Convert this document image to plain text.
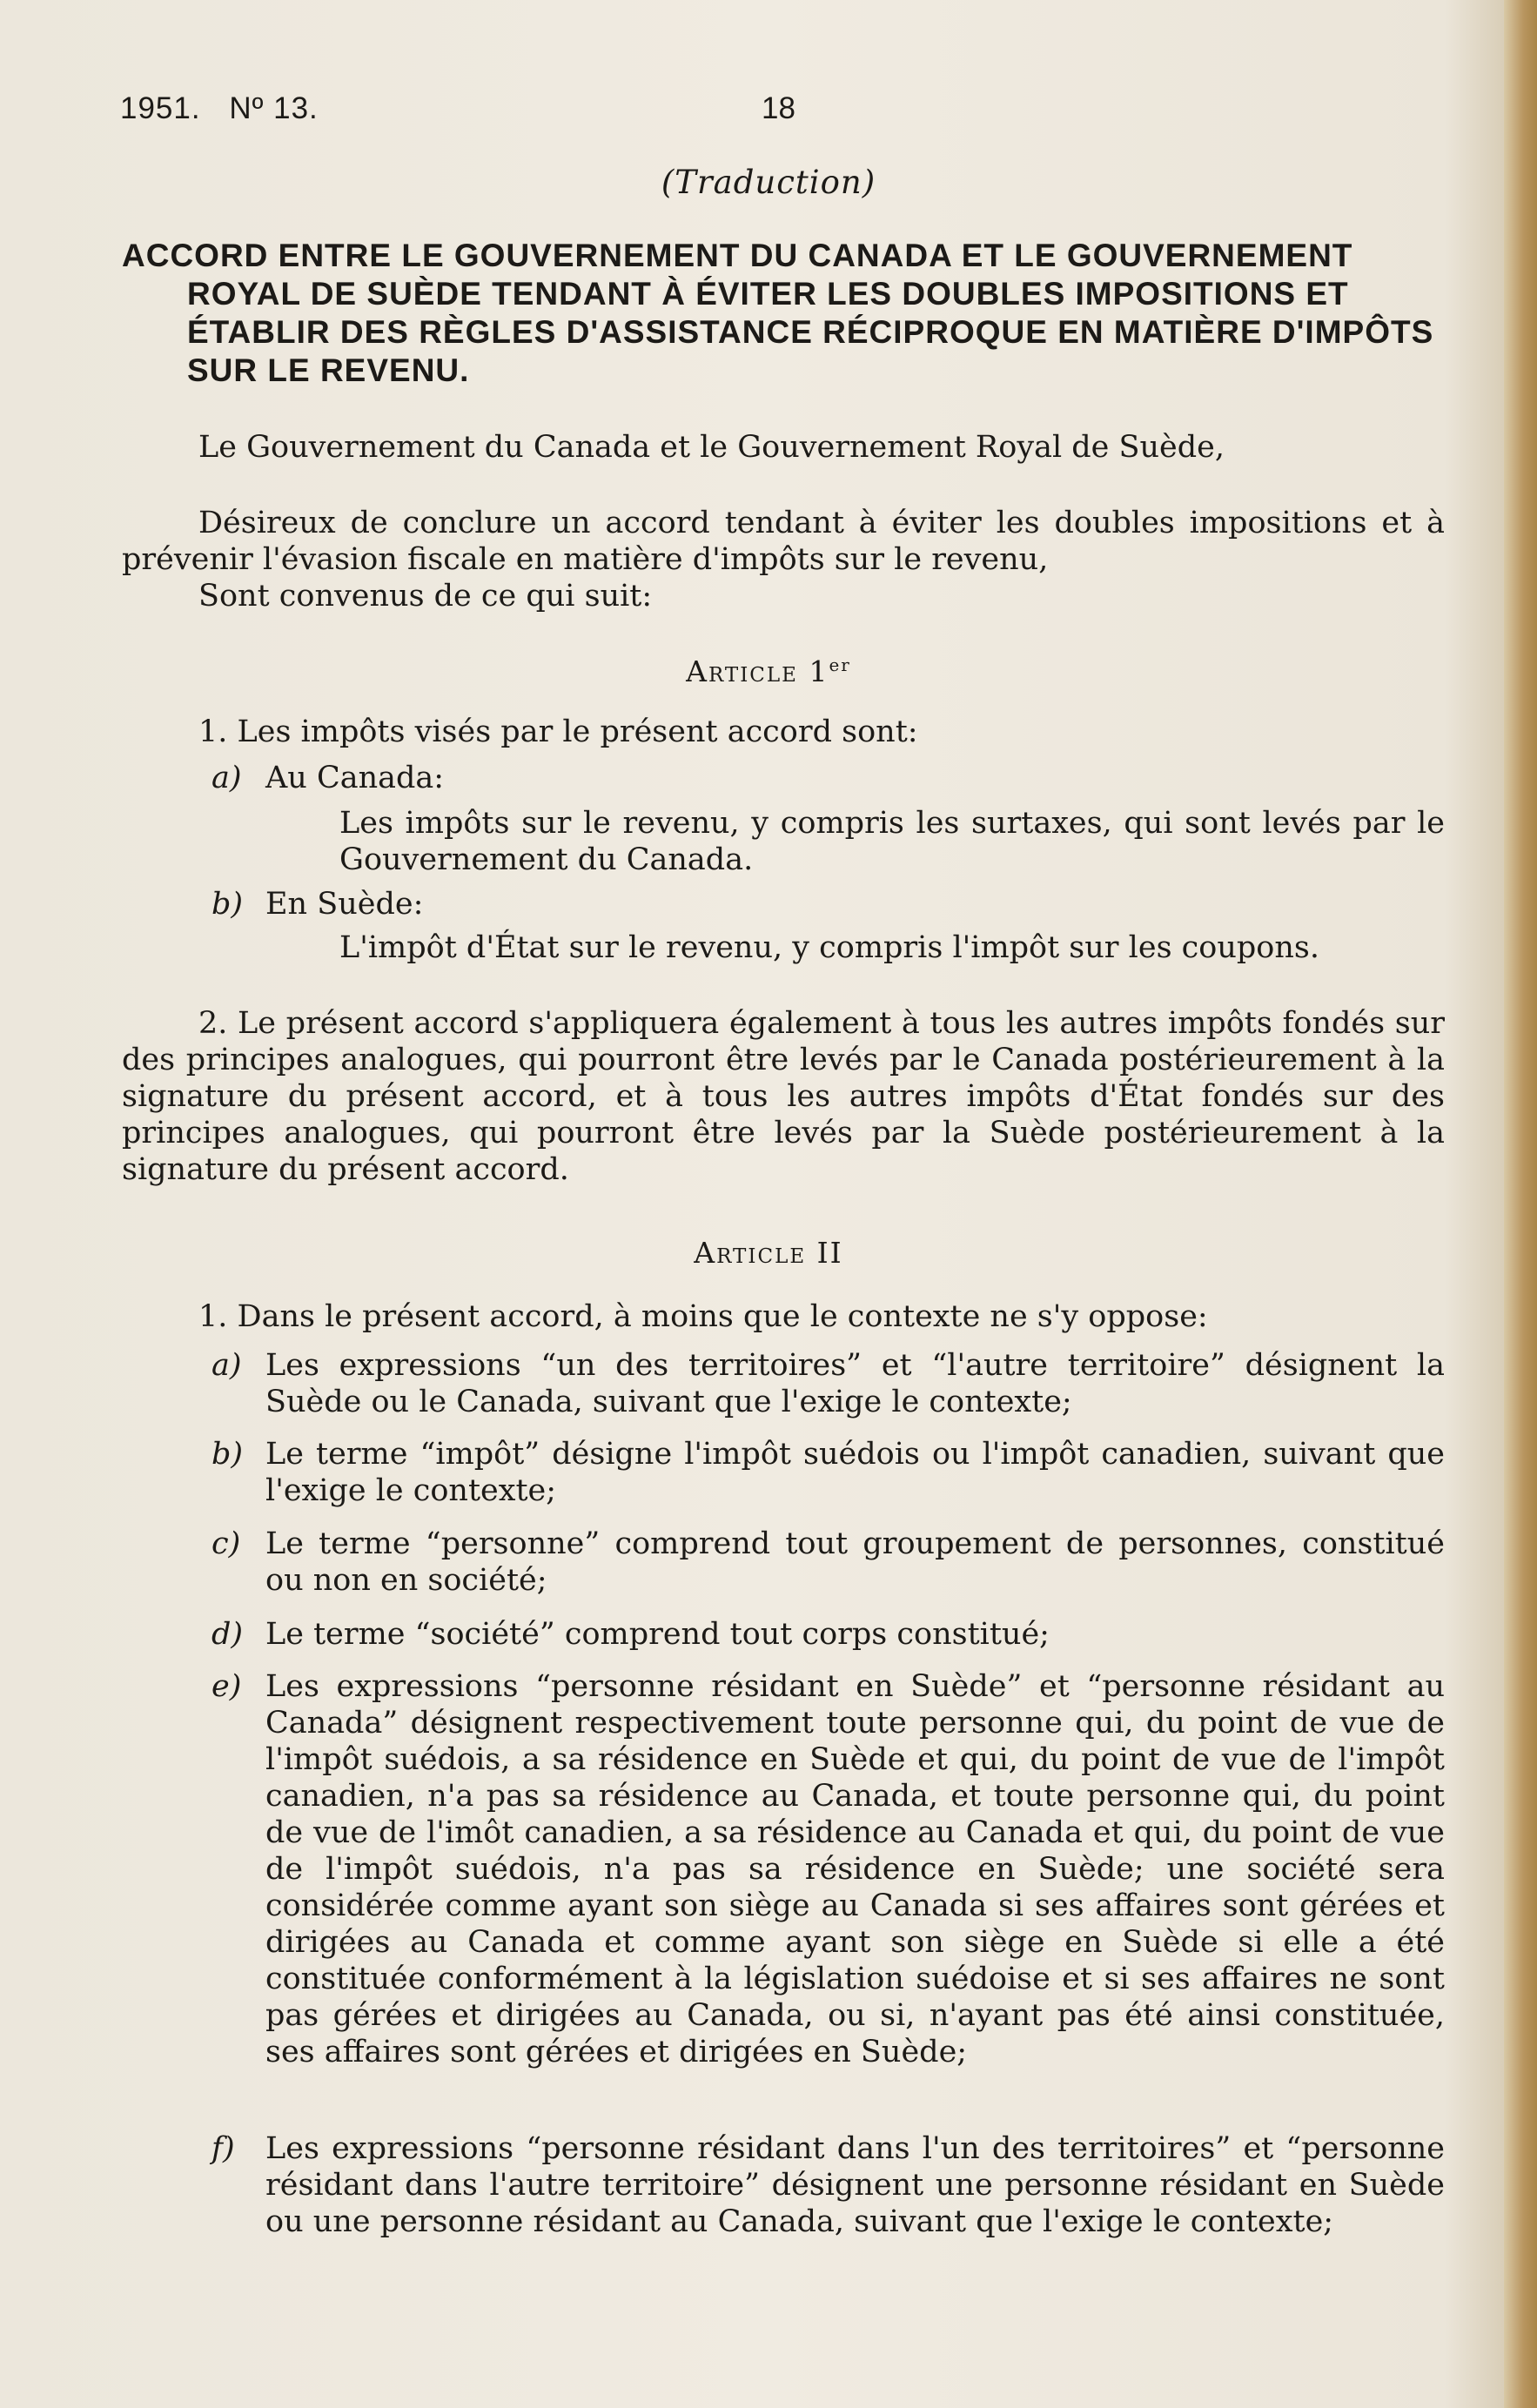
1951. Nº 13.	18
(Traduction)
ACCORD ENTRE LE GOUVERNEMENT DU CANADA ET LE GOUVERNEMENT
ROYAL DE SUÈDE TENDANT À ÉVITER LES DOUBLES IMPOSITIONS ET
ÉTABLIR DES RÈGLES D'ASSISTANCE RÉCIPROQUE EN MATIÈRE D'IMPÔTS
SUR LE REVENU.
Le Gouvernement du Canada et le Gouvernement Royal de Suède,
Désireux de conclure un accord tendant à éviter les doubles impositions et à prévenir l'évasion fiscale en matière d'impôts sur le revenu,
Sont convenus de ce qui suit:
Article 1er
1. Les impôts visés par le présent accord sont:
a) Au Canada:
Les impôts sur le revenu, y compris les surtaxes, qui sont levés par le Gouvernement du Canada.
b) En Suède:
L'impôt d'État sur le revenu, y compris l'impôt sur les coupons.
2. Le présent accord s'appliquera également à tous les autres impôts fondés sur des principes analogues, qui pourront être levés par le Canada postérieurement à la signature du présent accord, et à tous les autres impôts d'État fondés sur des principes analogues, qui pourront être levés par la Suède postérieurement à la signature du présent accord.
Article II
1. Dans le présent accord, à moins que le contexte ne s'y oppose:
a) Les expressions “un des territoires” et “l'autre territoire” désignent la Suède ou le Canada, suivant que l'exige le contexte;
b) Le terme “impôt” désigne l'impôt suédois ou l'impôt canadien, suivant que l'exige le contexte;
c) Le terme “personne” comprend tout groupement de personnes, constitué ou non en société;
d) Le terme “société” comprend tout corps constitué;
e) Les expressions “personne résidant en Suède” et “personne résidant au Canada” désignent respectivement toute personne qui, du point de vue de l'impôt suédois, a sa résidence en Suède et qui, du point de vue de l'impôt canadien, n'a pas sa résidence au Canada, et toute personne qui, du point de vue de l'imôt canadien, a sa résidence au Canada et qui, du point de vue de l'impôt suédois, n'a pas sa résidence en Suède; une société sera considérée comme ayant son siège au Canada si ses affaires sont gérées et dirigées au Canada et comme ayant son siège en Suède si elle a été constituée conformément à la législation suédoise et si ses affaires ne sont pas gérées et dirigées au Canada, ou si, n'ayant pas été ainsi constituée, ses affaires sont gérées et dirigées en Suède;
f) Les expressions “personne résidant dans l'un des territoires” et “personne résidant dans l'autre territoire” désignent une personne résidant en Suède ou une personne résidant au Canada, suivant que l'exige le contexte;
